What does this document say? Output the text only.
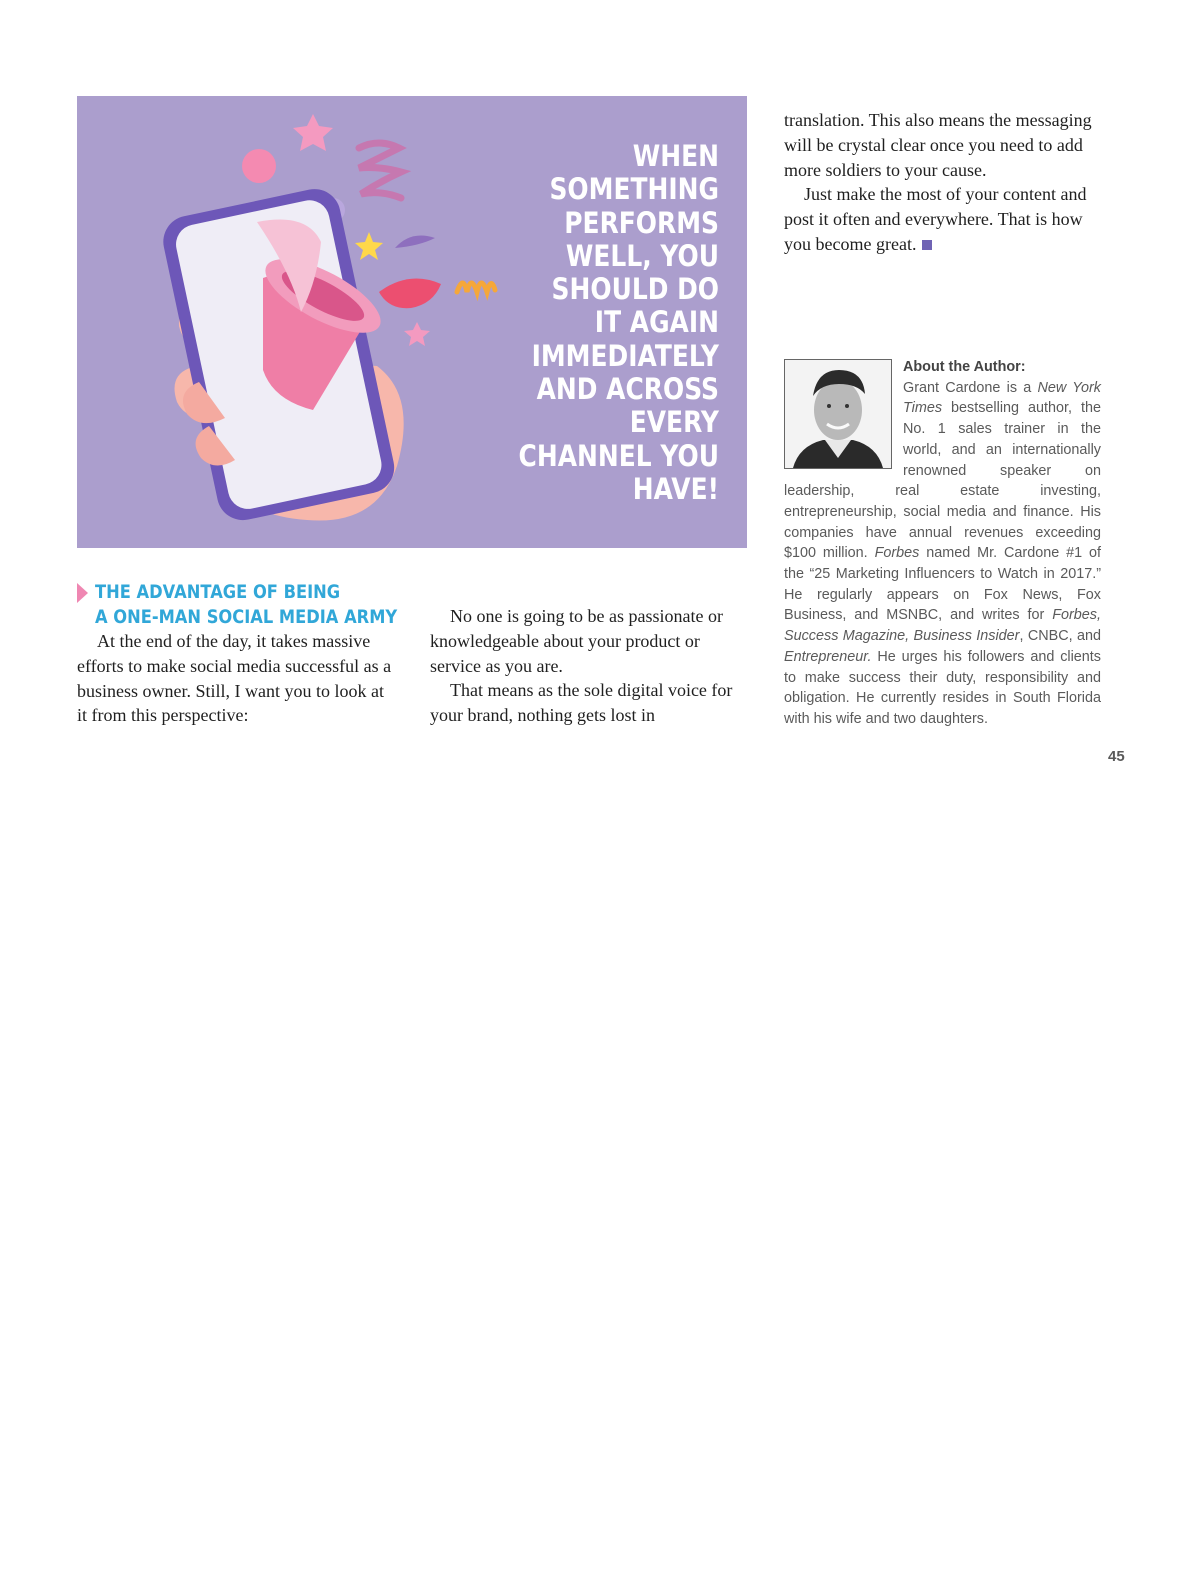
WHEN
SOMETHING
PERFORMS
WELL, YOU
SHOULD DO
IT AGAIN
IMMEDIATELY
AND ACROSS
EVERY
CHANNEL YOU
HAVE!
THE ADVANTAGE OF BEING
A ONE-MAN SOCIAL MEDIA ARMY

At the end of the day, it takes massive efforts to make social media successful as a business owner. Still, I want you to look at it from this perspective:

No one is going to be as passionate or knowledgeable about your product or service as you are.

That means as the sole digital voice for your brand, nothing gets lost in

translation. This also means the messaging will be crystal clear once you need to add more soldiers to your cause.

Just make the most of your content and post it often and everywhere. That is how you become great.

About the Author:
Grant Cardone is a New York Times bestselling author, the No. 1 sales trainer in the world, and an internationally renowned speaker on leadership, real estate investing, entrepreneurship, social media and finance. His companies have annual revenues exceeding $100 million. Forbes named Mr. Cardone #1 of the “25 Marketing Influencers to Watch in 2017.” He regularly appears on Fox News, Fox Business, and MSNBC, and writes for Forbes, Success Magazine, Business Insider, CNBC, and Entrepreneur. He urges his followers and clients to make success their duty, responsibility and obligation. He currently resides in South Florida with his wife and two daughters.
45
